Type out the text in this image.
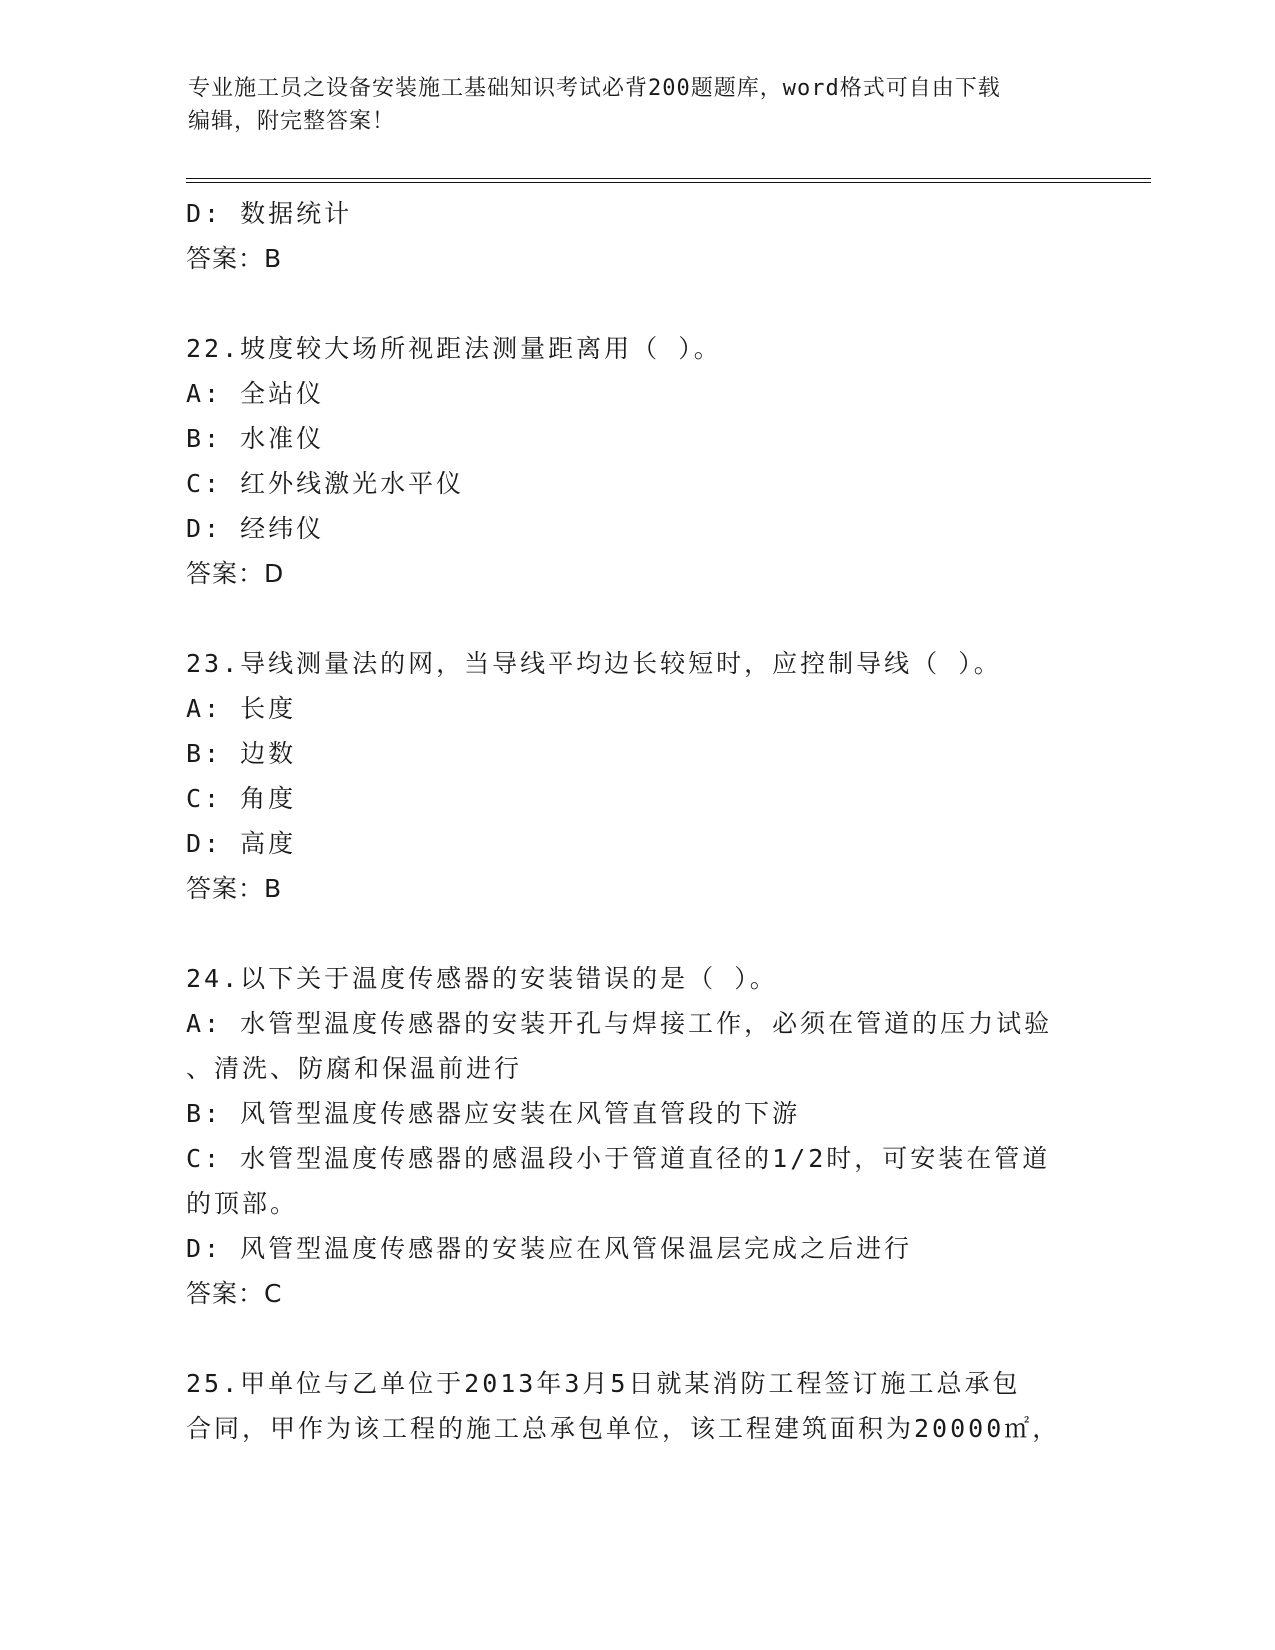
专业施工员之设备安装施工基础知识考试必背200题题库，word格式可自由下载
编辑，附完整答案！
D: 数据统计
答案：B
22.坡度较大场所视距法测量距离用（ ）。
A: 全站仪
B: 水准仪
C: 红外线激光水平仪
D: 经纬仪
答案：D
23.导线测量法的网，当导线平均边长较短时，应控制导线（ ）。
A: 长度
B: 边数
C: 角度
D: 高度
答案：B
24.以下关于温度传感器的安装错误的是（ ）。
A: 水管型温度传感器的安装开孔与焊接工作，必须在管道的压力试验
、清洗、防腐和保温前进行
B: 风管型温度传感器应安装在风管直管段的下游
C: 水管型温度传感器的感温段小于管道直径的1/2时，可安装在管道
的顶部。
D: 风管型温度传感器的安装应在风管保温层完成之后进行
答案：C
25.甲单位与乙单位于2013年3月5日就某消防工程签订施工总承包
合同，甲作为该工程的施工总承包单位，该工程建筑面积为20000㎡，
